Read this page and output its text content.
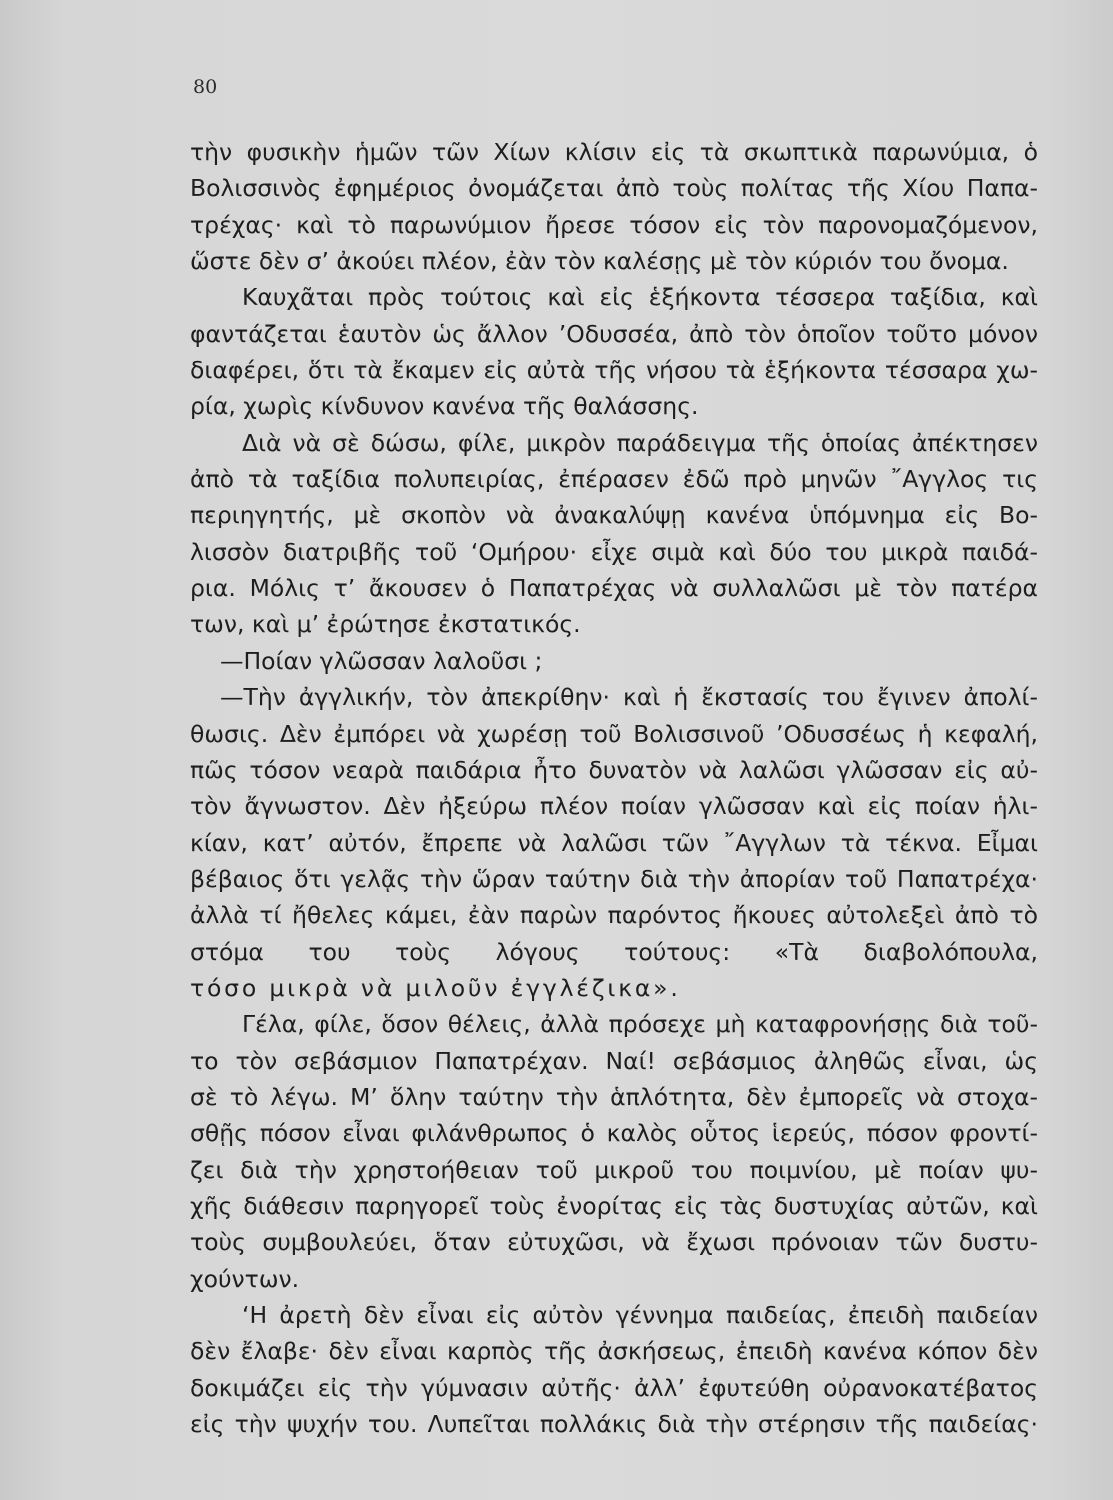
80
τὴν φυσικὴν ἡμῶν τῶν Χίων κλίσιν εἰς τὰ σκωπτικὰ παρωνύμια, ὁ
Βολισσινὸς ἐφημέριος ὀνομάζεται ἀπὸ τοὺς πολίτας τῆς Χίου Παπα-
τρέχας· καὶ τὸ παρωνύμιον ἤρεσε τόσον εἰς τὸν παρονομαζόμενον,
ὥστε δὲν σ’ ἀκούει πλέον, ἐὰν τὸν καλέσῃς μὲ τὸν κύριόν του ὄνομα.
Καυχᾶται πρὸς τούτοις καὶ εἰς ἑξήκοντα τέσσερα ταξίδια, καὶ
φαντάζεται ἑαυτὸν ὡς ἄλλον ’Οδυσσέα, ἀπὸ τὸν ὁποῖον τοῦτο μόνον
διαφέρει, ὅτι τὰ ἔκαμεν εἰς αὐτὰ τῆς νήσου τὰ ἑξήκοντα τέσσαρα χω-
ρία, χωρὶς κίνδυνον κανένα τῆς θαλάσσης.
Διὰ νὰ σὲ δώσω, φίλε, μικρὸν παράδειγμα τῆς ὁποίας ἀπέκτησεν
ἀπὸ τὰ ταξίδια πολυπειρίας, ἐπέρασεν ἐδῶ πρὸ μηνῶν ῎Αγγλος τις
περιηγητής, μὲ σκοπὸν νὰ ἀνακαλύψῃ κανένα ὑπόμνημα εἰς Βο-
λισσὸν διατριβῆς τοῦ ‘Ομήρου· εἶχε σιμὰ καὶ δύο του μικρὰ παιδά-
ρια. Μόλις τ’ ἄκουσεν ὁ Παπατρέχας νὰ συλλαλῶσι μὲ τὸν πατέρα
των, καὶ μ’ ἐρώτησε ἐκστατικός.
—Ποίαν γλῶσσαν λαλοῦσι ;
—Τὴν ἀγγλικήν, τὸν ἀπεκρίθην· καὶ ἡ ἔκστασίς του ἔγινεν ἀπολί-
θωσις. Δὲν ἐμπόρει νὰ χωρέσῃ τοῦ Βολισσινοῦ ’Οδυσσέως ἡ κεφαλή,
πῶς τόσον νεαρὰ παιδάρια ἦτο δυνατὸν νὰ λαλῶσι γλῶσσαν εἰς αὐ-
τὸν ἄγνωστον. Δὲν ἠξεύρω πλέον ποίαν γλῶσσαν καὶ εἰς ποίαν ἡλι-
κίαν, κατ’ αὐτόν, ἔπρεπε νὰ λαλῶσι τῶν ῎Αγγλων τὰ τέκνα. Εἶμαι
βέβαιος ὅτι γελᾷς τὴν ὥραν ταύτην διὰ τὴν ἀπορίαν τοῦ Παπατρέχα·
ἀλλὰ τί ἤθελες κάμει, ἐὰν παρὼν παρόντος ἤκουες αὐτολεξεὶ ἀπὸ τὸ
στόμα του τοὺς λόγους τούτους: «Τὰ διαβολόπουλα,
τόσο μικρὰ νὰ μιλοῦν ἐγγλέζικα».
Γέλα, φίλε, ὅσον θέλεις, ἀλλὰ πρόσεχε μὴ καταφρονήσῃς διὰ τοῦ-
το τὸν σεβάσμιον Παπατρέχαν. Ναί! σεβάσμιος ἀληθῶς εἶναι, ὡς
σὲ τὸ λέγω. Μ’ ὅλην ταύτην τὴν ἁπλότητα, δὲν ἐμπορεῖς νὰ στοχα-
σθῇς πόσον εἶναι φιλάνθρωπος ὁ καλὸς οὗτος ἱερεύς, πόσον φροντί-
ζει διὰ τὴν χρηστοήθειαν τοῦ μικροῦ του ποιμνίου, μὲ ποίαν ψυ-
χῆς διάθεσιν παρηγορεῖ τοὺς ἐνορίτας εἰς τὰς δυστυχίας αὐτῶν, καὶ
τοὺς συμβουλεύει, ὅταν εὐτυχῶσι, νὰ ἔχωσι πρόνοιαν τῶν δυστυ-
χούντων.
‘Η ἀρετὴ δὲν εἶναι εἰς αὐτὸν γέννημα παιδείας, ἐπειδὴ παιδείαν
δὲν ἔλαβε· δὲν εἶναι καρπὸς τῆς ἀσκήσεως, ἐπειδὴ κανένα κόπον δὲν
δοκιμάζει εἰς τὴν γύμνασιν αὐτῆς· ἀλλ’ ἐφυτεύθη οὐρανοκατέβατος
εἰς τὴν ψυχήν του. Λυπεῖται πολλάκις διὰ τὴν στέρησιν τῆς παιδείας·
